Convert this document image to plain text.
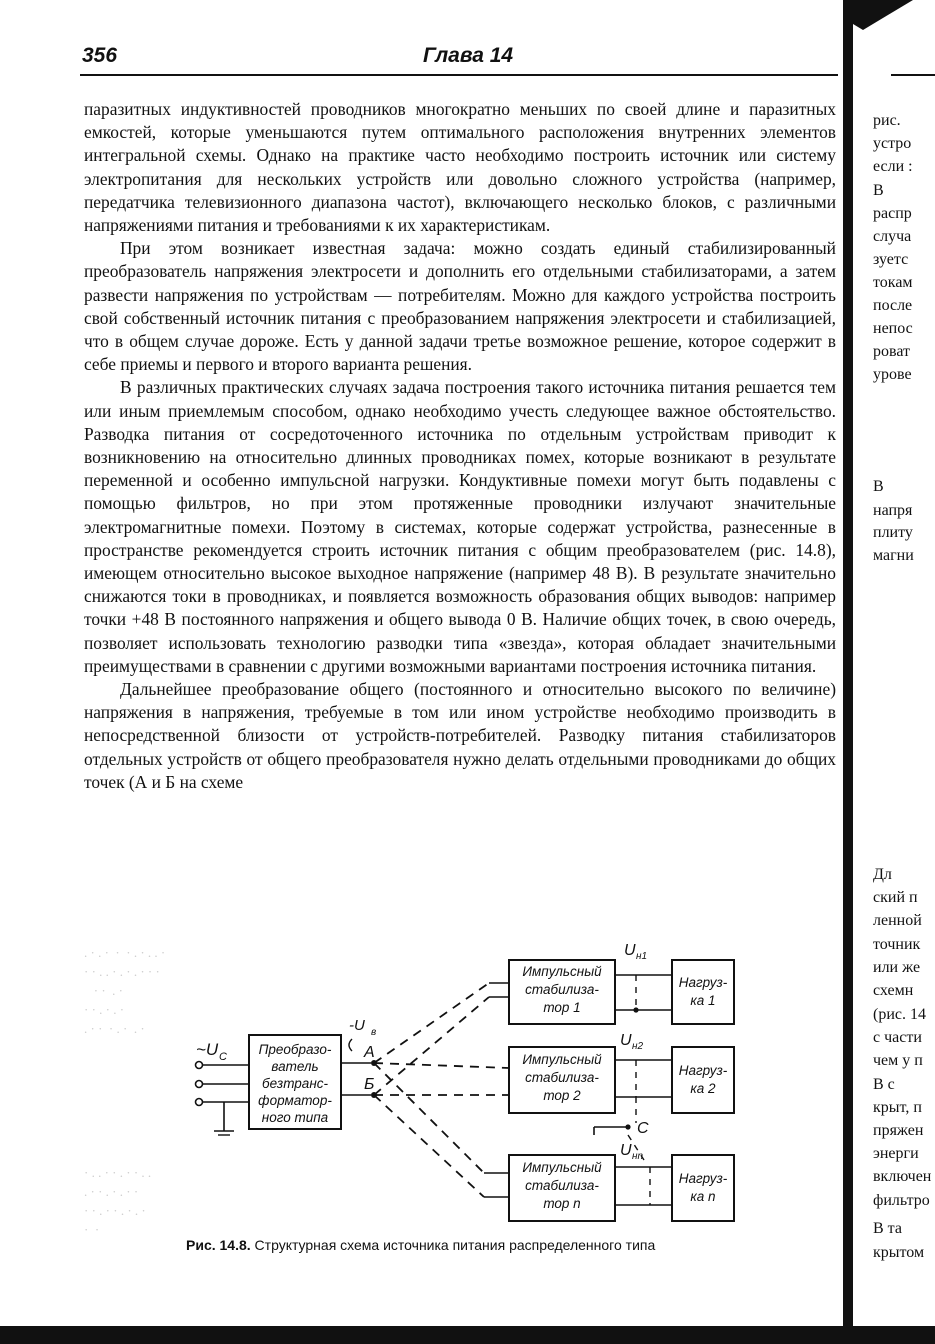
356	Глава 14

паразитных индуктивностей проводников многократно меньших по своей длине и паразитных емкостей, которые уменьшаются путем оптимального расположения внутренних элементов интегральной схемы. Однако на практике часто необходимо построить источник или систему электропитания для нескольких устройств или довольно сложного устройства (например, передатчика телевизионного диапазона частот), включающего несколько блоков, с различными напряжениями питания и требованиями к их характеристикам.

При этом возникает известная задача: можно создать единый стабилизированный преобразователь напряжения электросети и дополнить его отдельными стабилизаторами, а затем развести напряжения по устройствам — потребителям. Можно для каждого устройства построить свой собственный источник питания с преобразованием напряжения электросети и стабилизацией, что в общем случае дороже. Есть у данной задачи третье возможное решение, которое содержит в себе приемы и первого и второго варианта решения.

В различных практических случаях задача построения такого источника питания решается тем или иным приемлемым способом, однако необходимо учесть следующее важное обстоятельство. Разводка питания от сосредоточенного источника по отдельным устройствам приводит к возникновению на относительно длинных проводниках помех, которые возникают в результате переменной и особенно импульсной нагрузки. Кондуктивные помехи могут быть подавлены с помощью фильтров, но при этом протяженные проводники излучают значительные электромагнитные помехи. Поэтому в системах, которые содержат устройства, разнесенные в пространстве рекомендуется строить источник питания с общим преобразователем (рис. 14.8), имеющем относительно высокое выходное напряжение (например 48 В). В результате значительно снижаются токи в проводниках, и появляется возможность образования общих выводов: например точки +48 В постоянного напряжения и общего вывода 0 В. Наличие общих точек, в свою очередь, позволяет использовать технологию разводки типа «звезда», которая обладает значительными преимуществами в сравнении с другими возможными вариантами построения источника питания.

Дальнейшее преобразование общего (постоянного и относительно высокого по величине) напряжения в напряжения, требуемые в том или ином устройстве необходимо производить в непосредственной близости от устройств-потребителей. Разводку питания стабилизаторов отдельных устройств от общего преобразователя нужно делать отдельными проводниками до общих точек (А и Б на схеме

. · . ·  ·  · . · . . ·
· · . . · . · . · · ·
· ·  . ·
· · . · . ·
. · ·  · . ·  . ·
~U C Преобразо-
ватель
безтранс-
форматор-
ного типа
-U в
А
Б
Импульсный
стабилиза-
тор 1
U н1
Нагруз-
ка 1
Импульсный
стабилиза-
тор 2
U н2
Нагруз-
ка 2
С
Импульсный
стабилиза-
тор n
U нn
Нагруз-
ка n
· . . · · . · · . .
. · · . · . · ·
· · . · · . · . ·
·  ·
Рис. 14.8. Структурная схема источника питания распределенного типа
рис.
устро
если :
В
распр
случа
зуетс
токам
после
непос
роват
урове
В
напря
плиту
магни
Дл
ский п
ленной
точник
или же
схемн
(рис. 14
с части
чем у п
В с
крыт, п
пряжен
энерги
включен
фильтро
В та
крытом
